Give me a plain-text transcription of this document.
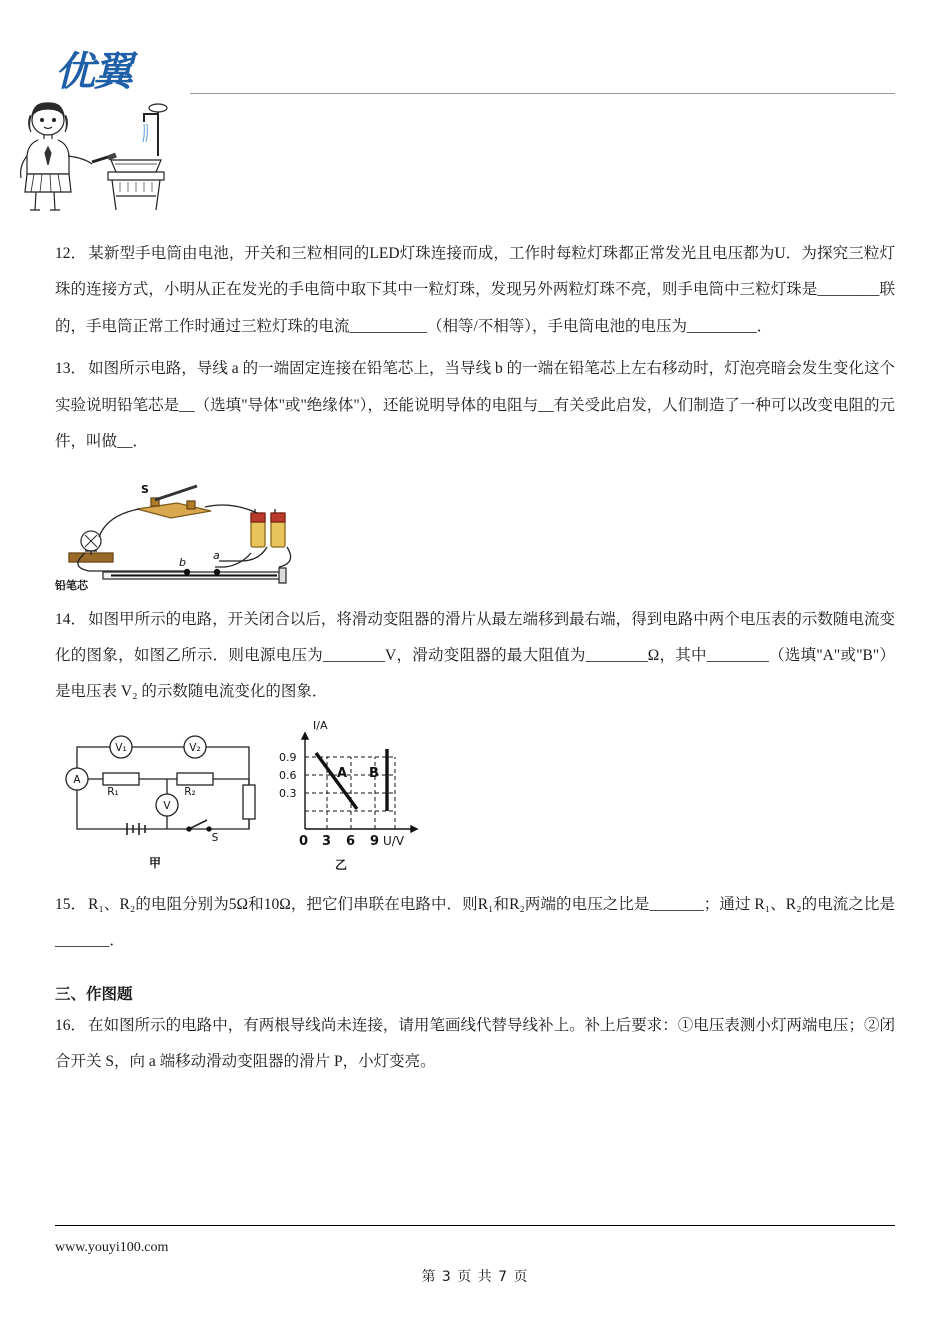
优翼

12． 某新型手电筒由电池，开关和三粒相同的LED灯珠连接而成，工作时每粒灯珠都正常发光且电压都为U．为探究三粒灯珠的连接方式，小明从正在发光的手电筒中取下其中一粒灯珠，发现另外两粒灯珠不亮，则手电筒中三粒灯珠是________联的，手电筒正常工作时通过三粒灯珠的电流__________（相等/不相等），手电筒电池的电压为_________．

13． 如图所示电路，导线 a 的一端固定连接在铅笔芯上，当导线 b 的一端在铅笔芯上左右移动时，灯泡亮暗会发生变化这个实验说明铅笔芯是__（选填"导体"或"绝缘体"），还能说明导体的电阻与__有关受此启发，人们制造了一种可以改变电阻的元件，叫做__．

S
b
a
铅笔芯

14． 如图甲所示的电路，开关闭合以后，将滑动变阻器的滑片从最左端移到最右端，得到电路中两个电压表的示数随电流变化的图象，如图乙所示．则电源电压为________V，滑动变阻器的最大阻值为________Ω，其中________（选填"A"或"B"）是电压表 V₂ 的示数随电流变化的图象．

V₁	V₂
A
V
R₁	R₂
S
甲
I/A
0.9
0.6
0.3
0 3 6 9 U/V
A B
乙

15． R₁、R₂的电阻分别为5Ω和10Ω，把它们串联在电路中．则R₁和R₂两端的电压之比是_______；通过 R₁、R₂的电流之比是_______．

三、作图题

16． 在如图所示的电路中，有两根导线尚未连接，请用笔画线代替导线补上。补上后要求：①电压表测小灯两端电压；②闭合开关 S，向 a 端移动滑动变阻器的滑片 P，小灯变亮。

www.youyi100.com
第 3 页 共 7 页
